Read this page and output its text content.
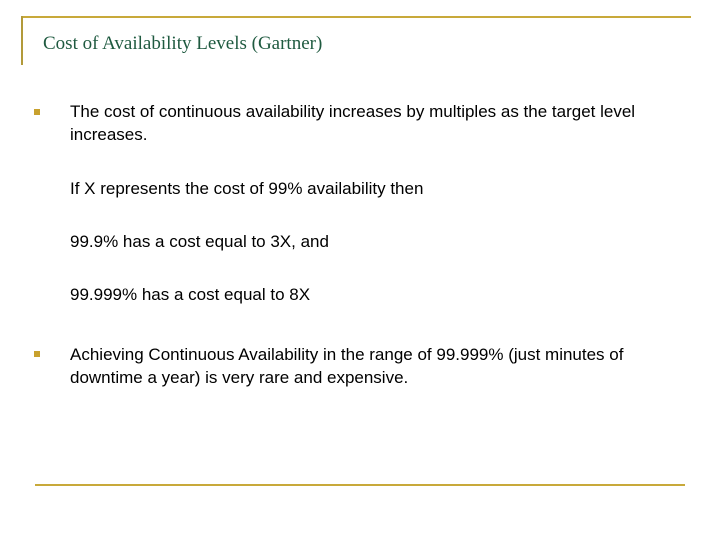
Cost of Availability Levels (Gartner)
The cost of continuous availability increases by multiples as the target level increases.
If X represents the cost of 99% availability then
99.9% has a cost equal to 3X, and
99.999% has a cost equal to 8X
Achieving Continuous Availability in the range of 99.999% (just minutes of downtime a year) is very rare and expensive.
